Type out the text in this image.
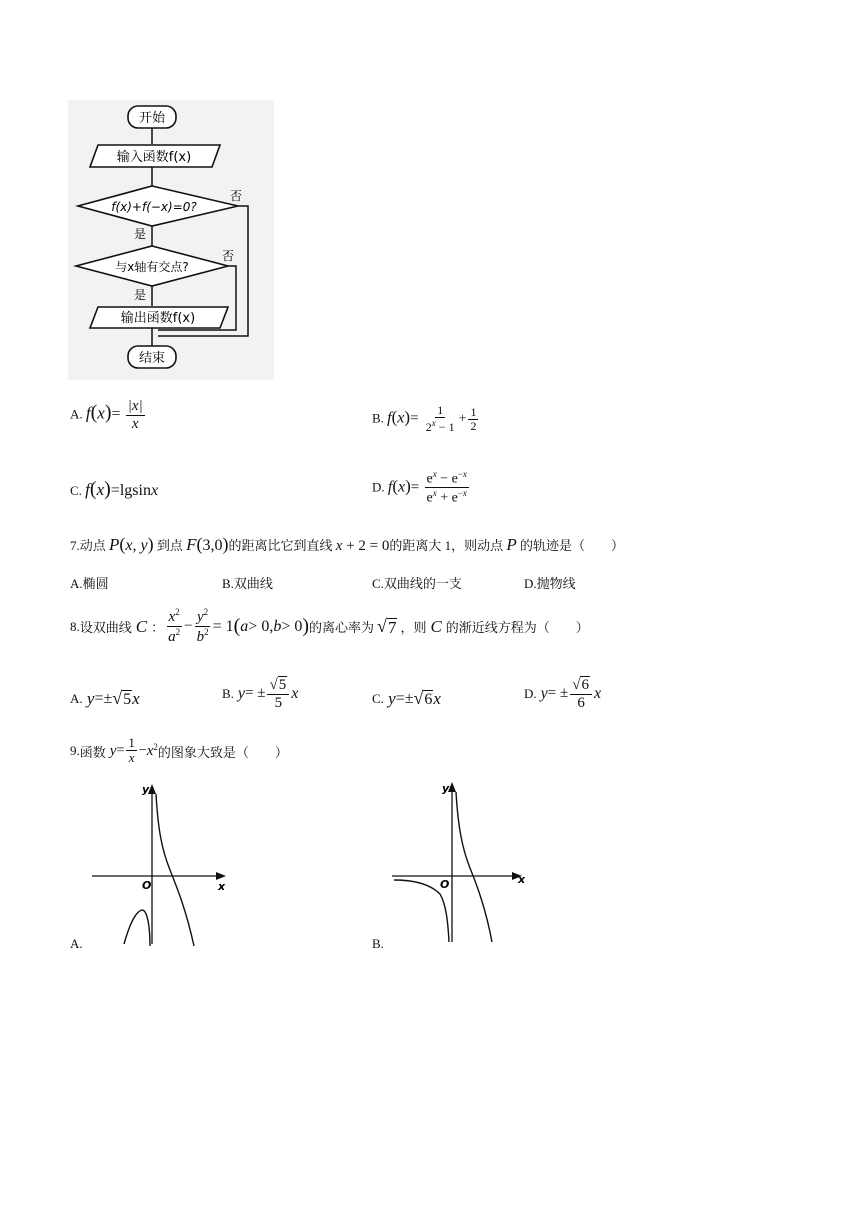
开始
输入函数f(x)
f(x)+f(−x)=0?
否
是
与x轴有交点?
否
是
输出函数f(x)
结束
A. $f(x)= \frac{|x|}{x}$	B. $f(x)= \frac{1}{2^x - 1} + \frac{1}{2}$
C. f(x)=lgsinx	D. $f(x)= \frac{e^x - e^{-x}}{e^x + e^{-x}}$
7.动点 P(x, y) 到点 F(3,0)的距离比它到直线 x + 2 = 0的距离大 1，则动点 P 的轨迹是（　　）
A.椭圆	B.双曲线	C.双曲线的一支	D.抛物线
8. 设双曲线 C ： $\frac{x^2}{a^2} - \frac{y^2}{b^2} = 1$ ( a > 0, b > 0 ) 的离心率为 √ 7 ，则 C 的渐近线方程为（　　）
A. y =± √ 5 x	B. y = ± $\frac{√ 5}{5}$ x	C. y =± √ 6 x	D. y = ± $\frac{√ 6}{6}$ x
9. 函数 $y = \frac{1}{x} - x^2$ 的图象大致是（　　）
x
y
O
A.
x
y
O
B.
